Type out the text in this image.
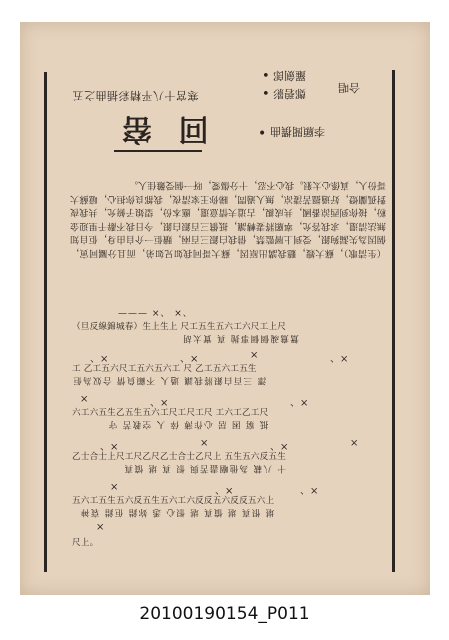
寒宮十八平精彩插曲之五
回 窑
• 羅劍郎
• 鄭碧影	合唱
• 李願聞撰曲

（生清歌），蘇大嫂，聽我講出原因，蘇大哥同我如兄如弟，而且分屬同寅，個因為失漏狗銀，受到上層監禁，借我白銀三百兩，贖佢一介自由身，佢自知無法清還，求我答允，寧願將妻轉讓，抵償三百銀白銀，今日我不辭千里迎金粉，接你到西涼番國，共成親，古道夫情意還，應本份，望娘子俯允，共我夜對孤蘭燈，好過搵苦淒凉，無人過問，睇你王家清夜，我都良你担心，噫蘇大哥份人，真係心太狠。我心不忍，十分傷愛，呀一個受難佳人。

——— ×、 ×、
（旦反線錦城春）生上生上 尺工五生五六工六尺工上尺
鴛鴦魂個個事抛 真 實太胡
工 乙工五六尺工五六五六工 尺 乙工五六工五生
澤 三百白銀將我讓 過人 不顧負情 合奴為佢
六工六五生乙五生五六工尺工尺工尺 工六工乙工尺
抵 窮 困 居 心作薄 倖 人 空教苦 守
乙士合士上尺工尺乙尺乙士合士乙尺上 五生五六反五生
十 八載 為他嗰盡苦與 恨 真 堪 憤真
五六工五生五六反五生五六工六反反五六反反五六上
堪 恨真 堪 憤真 堪 恨心 悉 妳錯 佢錯 衰神
尺上。
、×	、×	×	、×
×	、×	、×
、×	×	、×	×
×	、×	、×
×
20100190154_P011
